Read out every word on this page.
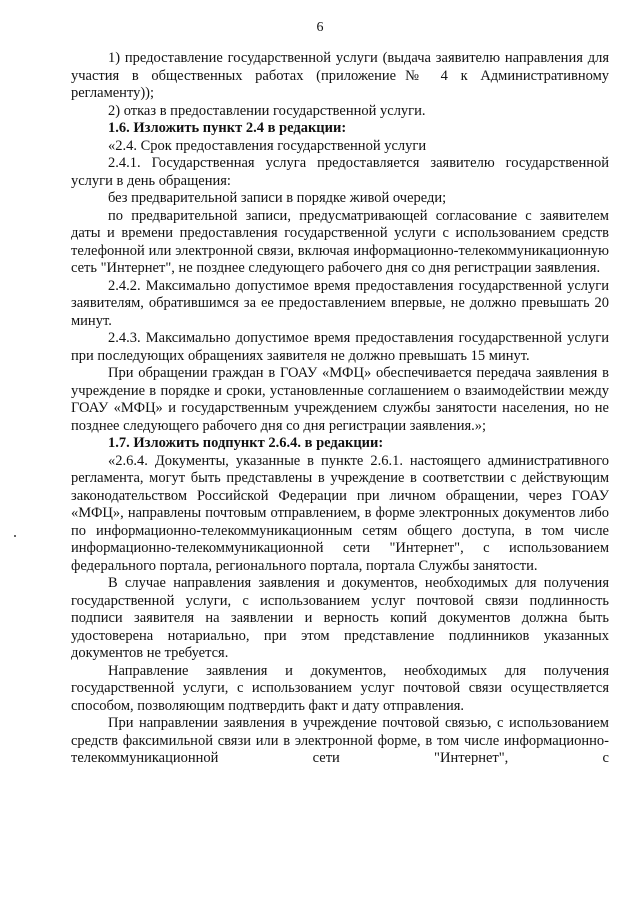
6

1) предоставление государственной услуги (выдача заявителю направления для участия в общественных работах (приложение№ 4 к Административному регламенту));

2) отказ в предоставлении государственной услуги.

1.6. Изложить пункт 2.4 в редакции:

«2.4. Срок предоставления государственной услуги

2.4.1. Государственная услуга предоставляется заявителю государственной услуги в день обращения:

без предварительной записи в порядке живой очереди;

по предварительной записи, предусматривающей согласование с заявителем даты и времени предоставления государственной услуги с использованием средств телефонной или электронной связи, включая информационно-телекоммуникационную сеть "Интернет", не позднее следующего рабочего дня со дня регистрации заявления.

2.4.2. Максимально допустимое время предоставления государственной услуги заявителям, обратившимся за ее предоставлением впервые, не должно превышать 20 минут.

2.4.3. Максимально допустимое время предоставления государственной услуги при последующих обращениях заявителя не должно превышать 15 минут.

При обращении граждан в ГОАУ «МФЦ» обеспечивается передача заявления в учреждение в порядке и сроки, установленные соглашением о взаимодействии между ГОАУ «МФЦ» и государственным учреждением службы занятости населения, но не позднее следующего рабочего дня со дня регистрации заявления.»;

1.7. Изложить подпункт 2.6.4. в редакции:

«2.6.4. Документы, указанные в пункте 2.6.1. настоящего административного регламента, могут быть представлены в учреждение в соответствии с действующим законодательством Российской Федерации при личном обращении, через ГОАУ «МФЦ», направлены почтовым отправлением, в форме электронных документов либо по информационно-телекоммуникационным сетям общего доступа, в том числе информационно-телекоммуникационной сети "Интернет", с использованием федерального портала, регионального портала, портала Службы занятости.

В случае направления заявления и документов, необходимых для получения государственной услуги, с использованием услуг почтовой связи подлинность подписи заявителя на заявлении и верность копий документов должна быть удостоверена нотариально, при этом представление подлинников указанных документов не требуется.

Направление заявления и документов, необходимых для получения государственной услуги, с использованием услуг почтовой связи осуществляется способом, позволяющим подтвердить факт и дату отправления.

При направлении заявления в учреждение почтовой связью, с использованием средств факсимильной связи или в электронной форме, в том числе информационно-телекоммуникационной сети "Интернет", с
